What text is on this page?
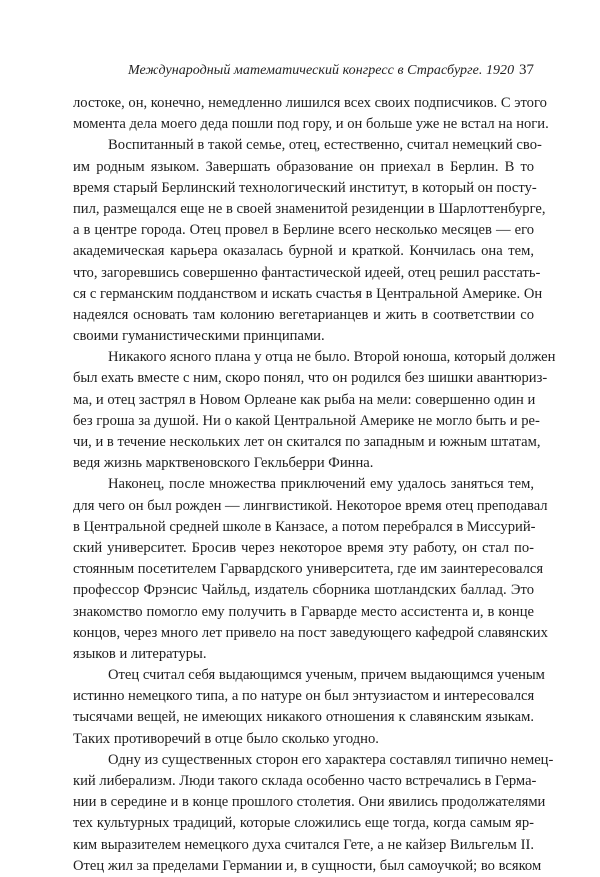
Международный математический конгресс в Страсбурге. 1920 37
лостоке, он, конечно, немедленно лишился всех своих подписчиков. С этого
момента дела моего деда пошли под гору, и он больше уже не встал на ноги.
Воспитанный в такой семье, отец, естественно, считал немецкий сво-
им родным языком. Завершать образование он приехал в Берлин. В то
время старый Берлинский технологический институт, в который он посту-
пил, размещался еще не в своей знаменитой резиденции в Шарлоттенбурге,
а в центре города. Отец провел в Берлине всего несколько месяцев — его
академическая карьера оказалась бурной и краткой. Кончилась она тем,
что, загоревшись совершенно фантастической идеей, отец решил расстать-
ся с германским подданством и искать счастья в Центральной Америке. Он
надеялся основать там колонию вегетарианцев и жить в соответствии со
своими гуманистическими принципами.
Никакого ясного плана у отца не было. Второй юноша, который должен
был ехать вместе с ним, скоро понял, что он родился без шишки авантюриз-
ма, и отец застрял в Новом Орлеане как рыба на мели: совершенно один и
без гроша за душой. Ни о какой Центральной Америке не могло быть и ре-
чи, и в течение нескольких лет он скитался по западным и южным штатам,
ведя жизнь марктвеновского Гекльберри Финна.
Наконец, после множества приключений ему удалось заняться тем,
для чего он был рожден — лингвистикой. Некоторое время отец преподавал
в Центральной средней школе в Канзасе, а потом перебрался в Миссурий-
ский университет. Бросив через некоторое время эту работу, он стал по-
стоянным посетителем Гарвардского университета, где им заинтересовался
профессор Фрэнсис Чайльд, издатель сборника шотландских баллад. Это
знакомство помогло ему получить в Гарварде место ассистента и, в конце
концов, через много лет привело на пост заведующего кафедрой славянских
языков и литературы.
Отец считал себя выдающимся ученым, причем выдающимся ученым
истинно немецкого типа, а по натуре он был энтузиастом и интересовался
тысячами вещей, не имеющих никакого отношения к славянским языкам.
Таких противоречий в отце было сколько угодно.
Одну из существенных сторон его характера составлял типично немец-
кий либерализм. Люди такого склада особенно часто встречались в Герма-
нии в середине и в конце прошлого столетия. Они явились продолжателями
тех культурных традиций, которые сложились еще тогда, когда самым яр-
ким выразителем немецкого духа считался Гете, а не кайзер Вильгельм II.
Отец жил за пределами Германии и, в сущности, был самоучкой; во всяком
